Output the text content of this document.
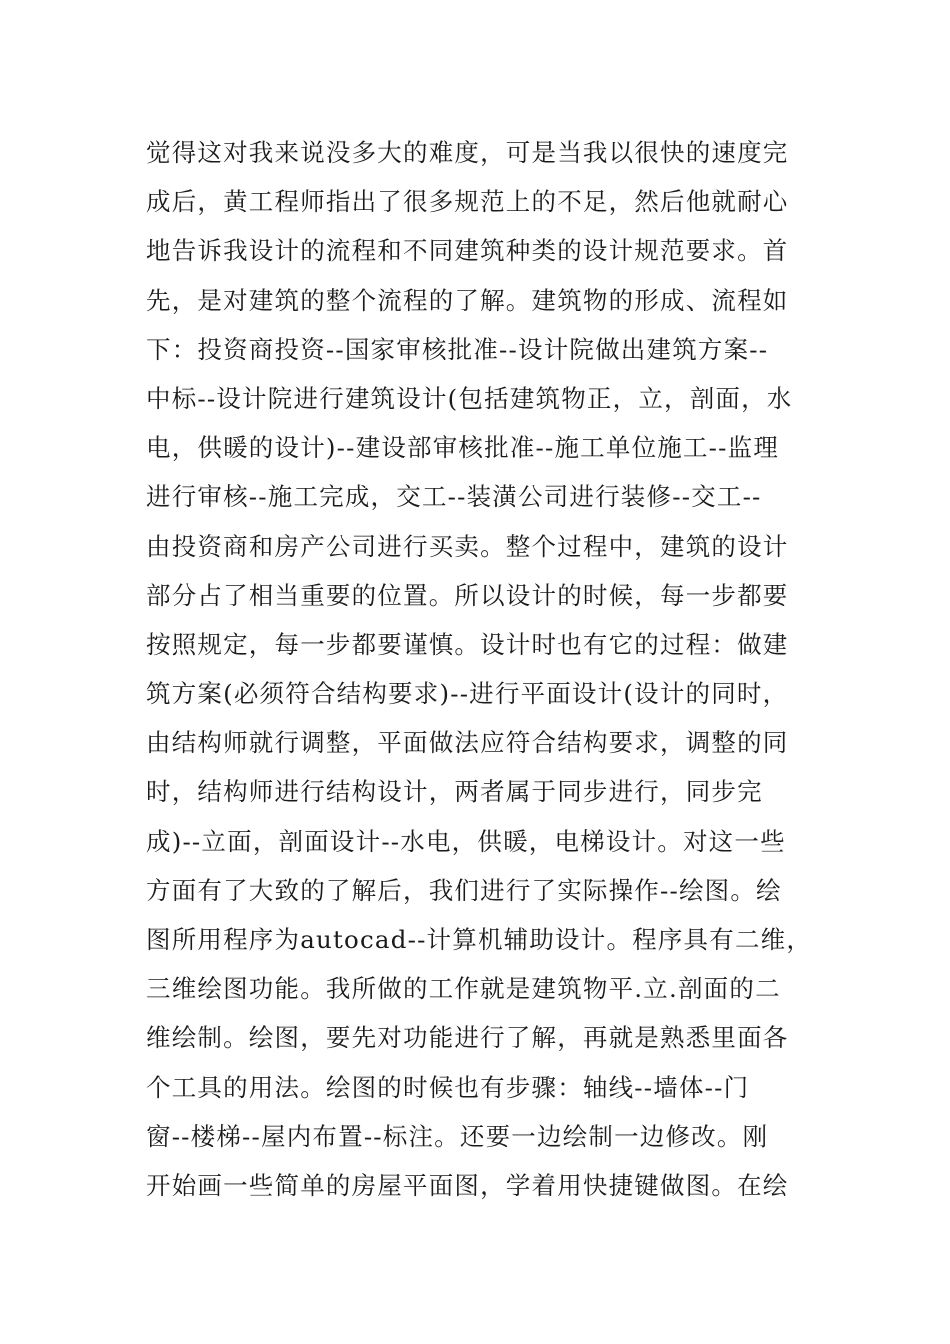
觉得这对我来说没多大的难度，可是当我以很快的速度完
成后，黄工程师指出了很多规范上的不足，然后他就耐心
地告诉我设计的流程和不同建筑种类的设计规范要求。首
先，是对建筑的整个流程的了解。建筑物的形成、流程如
下：投资商投资--国家审核批准--设计院做出建筑方案--
中标--设计院进行建筑设计(包括建筑物正，立，剖面，水
电，供暖的设计)--建设部审核批准--施工单位施工--监理
进行审核--施工完成，交工--装潢公司进行装修--交工--
由投资商和房产公司进行买卖。整个过程中，建筑的设计
部分占了相当重要的位置。所以设计的时候，每一步都要
按照规定，每一步都要谨慎。设计时也有它的过程：做建
筑方案(必须符合结构要求)--进行平面设计(设计的同时，
由结构师就行调整，平面做法应符合结构要求，调整的同
时，结构师进行结构设计，两者属于同步进行，同步完
成)--立面，剖面设计--水电，供暖，电梯设计。对这一些
方面有了大致的了解后，我们进行了实际操作--绘图。绘
图所用程序为autocad--计算机辅助设计。程序具有二维，
三维绘图功能。我所做的工作就是建筑物平.立.剖面的二
维绘制。绘图，要先对功能进行了解，再就是熟悉里面各
个工具的用法。绘图的时候也有步骤：轴线--墙体--门
窗--楼梯--屋内布置--标注。还要一边绘制一边修改。刚
开始画一些简单的房屋平面图，学着用快捷键做图。在绘
